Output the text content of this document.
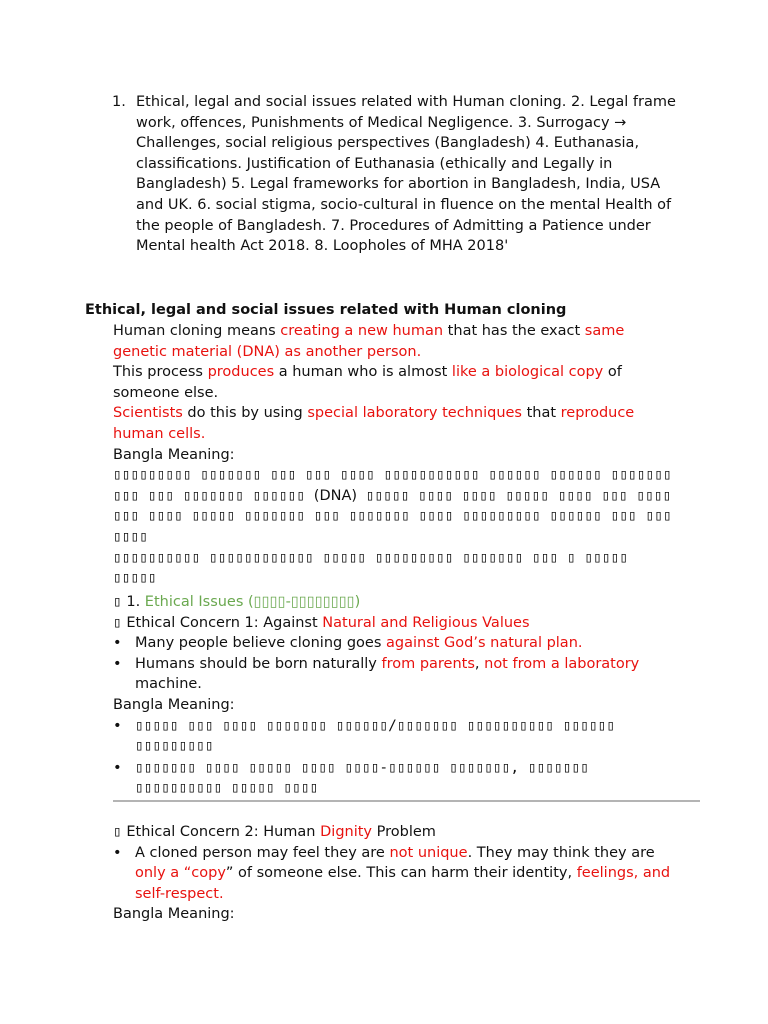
1. Ethical, legal and social issues related with Human cloning. 2. Legal frame work, offences, Punishments of Medical Negligence. 3. Surrogacy → Challenges, social religious perspectives (Bangladesh) 4. Euthanasia, classifications. Justification of Euthanasia (ethically and Legally in Bangladesh) 5. Legal frameworks for abortion in Bangladesh, India, USA and UK. 6. social stigma, socio-cultural in fluence on the mental Health of the people of Bangladesh. 7. Procedures of Admitting a Patience under Mental health Act 2018. 8. Loopholes of MHA 2018'
Ethical, legal and social issues related with Human cloning

Human cloning means creating a new human that has the exact same genetic material (DNA) as another person.

This process produces a human who is almost like a biological copy of someone else.

Scientists do this by using special laboratory techniques that reproduce human cells.

Bangla Meaning:

▯▯▯▯▯▯▯▯▯ ▯▯▯▯▯▯▯ ▯▯▯ ▯▯▯ ▯▯▯▯ ▯▯▯▯▯▯▯▯▯▯▯ ▯▯▯▯▯▯ ▯▯▯▯▯▯ ▯▯▯▯▯▯▯ ▯▯▯ ▯▯▯ ▯▯▯▯▯▯▯ ▯▯▯▯▯▯ (DNA) ▯▯▯▯▯ ▯▯▯▯ ▯▯▯▯ ▯▯▯▯▯ ▯▯▯▯ ▯▯▯ ▯▯▯▯

▯▯▯ ▯▯▯▯ ▯▯▯▯▯ ▯▯▯▯▯▯▯ ▯▯▯ ▯▯▯▯▯▯▯ ▯▯▯▯ ▯▯▯▯▯▯▯▯▯ ▯▯▯▯▯▯ ▯▯▯ ▯▯▯ ▯▯▯▯

▯▯▯▯▯▯▯▯▯▯ ▯▯▯▯▯▯▯▯▯▯▯▯ ▯▯▯▯▯ ▯▯▯▯▯▯▯▯▯ ▯▯▯▯▯▯▯ ▯▯▯ ▯ ▯▯▯▯▯ ▯▯▯▯▯

▯ 1. Ethical Issues (▯▯▯▯-▯▯▯▯▯▯▯▯)

▯ Ethical Concern 1: Against Natural and Religious Values

• Many people believe cloning goes against God’s natural plan.

• Humans should be born naturally from parents, not from a laboratory machine.

Bangla Meaning:

• ▯▯▯▯▯ ▯▯▯ ▯▯▯▯ ▯▯▯▯▯▯▯ ▯▯▯▯▯▯/▯▯▯▯▯▯▯ ▯▯▯▯▯▯▯▯▯▯ ▯▯▯▯▯▯ ▯▯▯▯▯▯▯▯▯

• ▯▯▯▯▯▯▯ ▯▯▯▯ ▯▯▯▯▯ ▯▯▯▯ ▯▯▯▯-▯▯▯▯▯▯ ▯▯▯▯▯▯▯, ▯▯▯▯▯▯▯ ▯▯▯▯▯▯▯▯▯▯ ▯▯▯▯▯ ▯▯▯▯

▯ Ethical Concern 2: Human Dignity Problem

• A cloned person may feel they are not unique. They may think they are only a “copy” of someone else. This can harm their identity, feelings, and self-respect.

Bangla Meaning:
